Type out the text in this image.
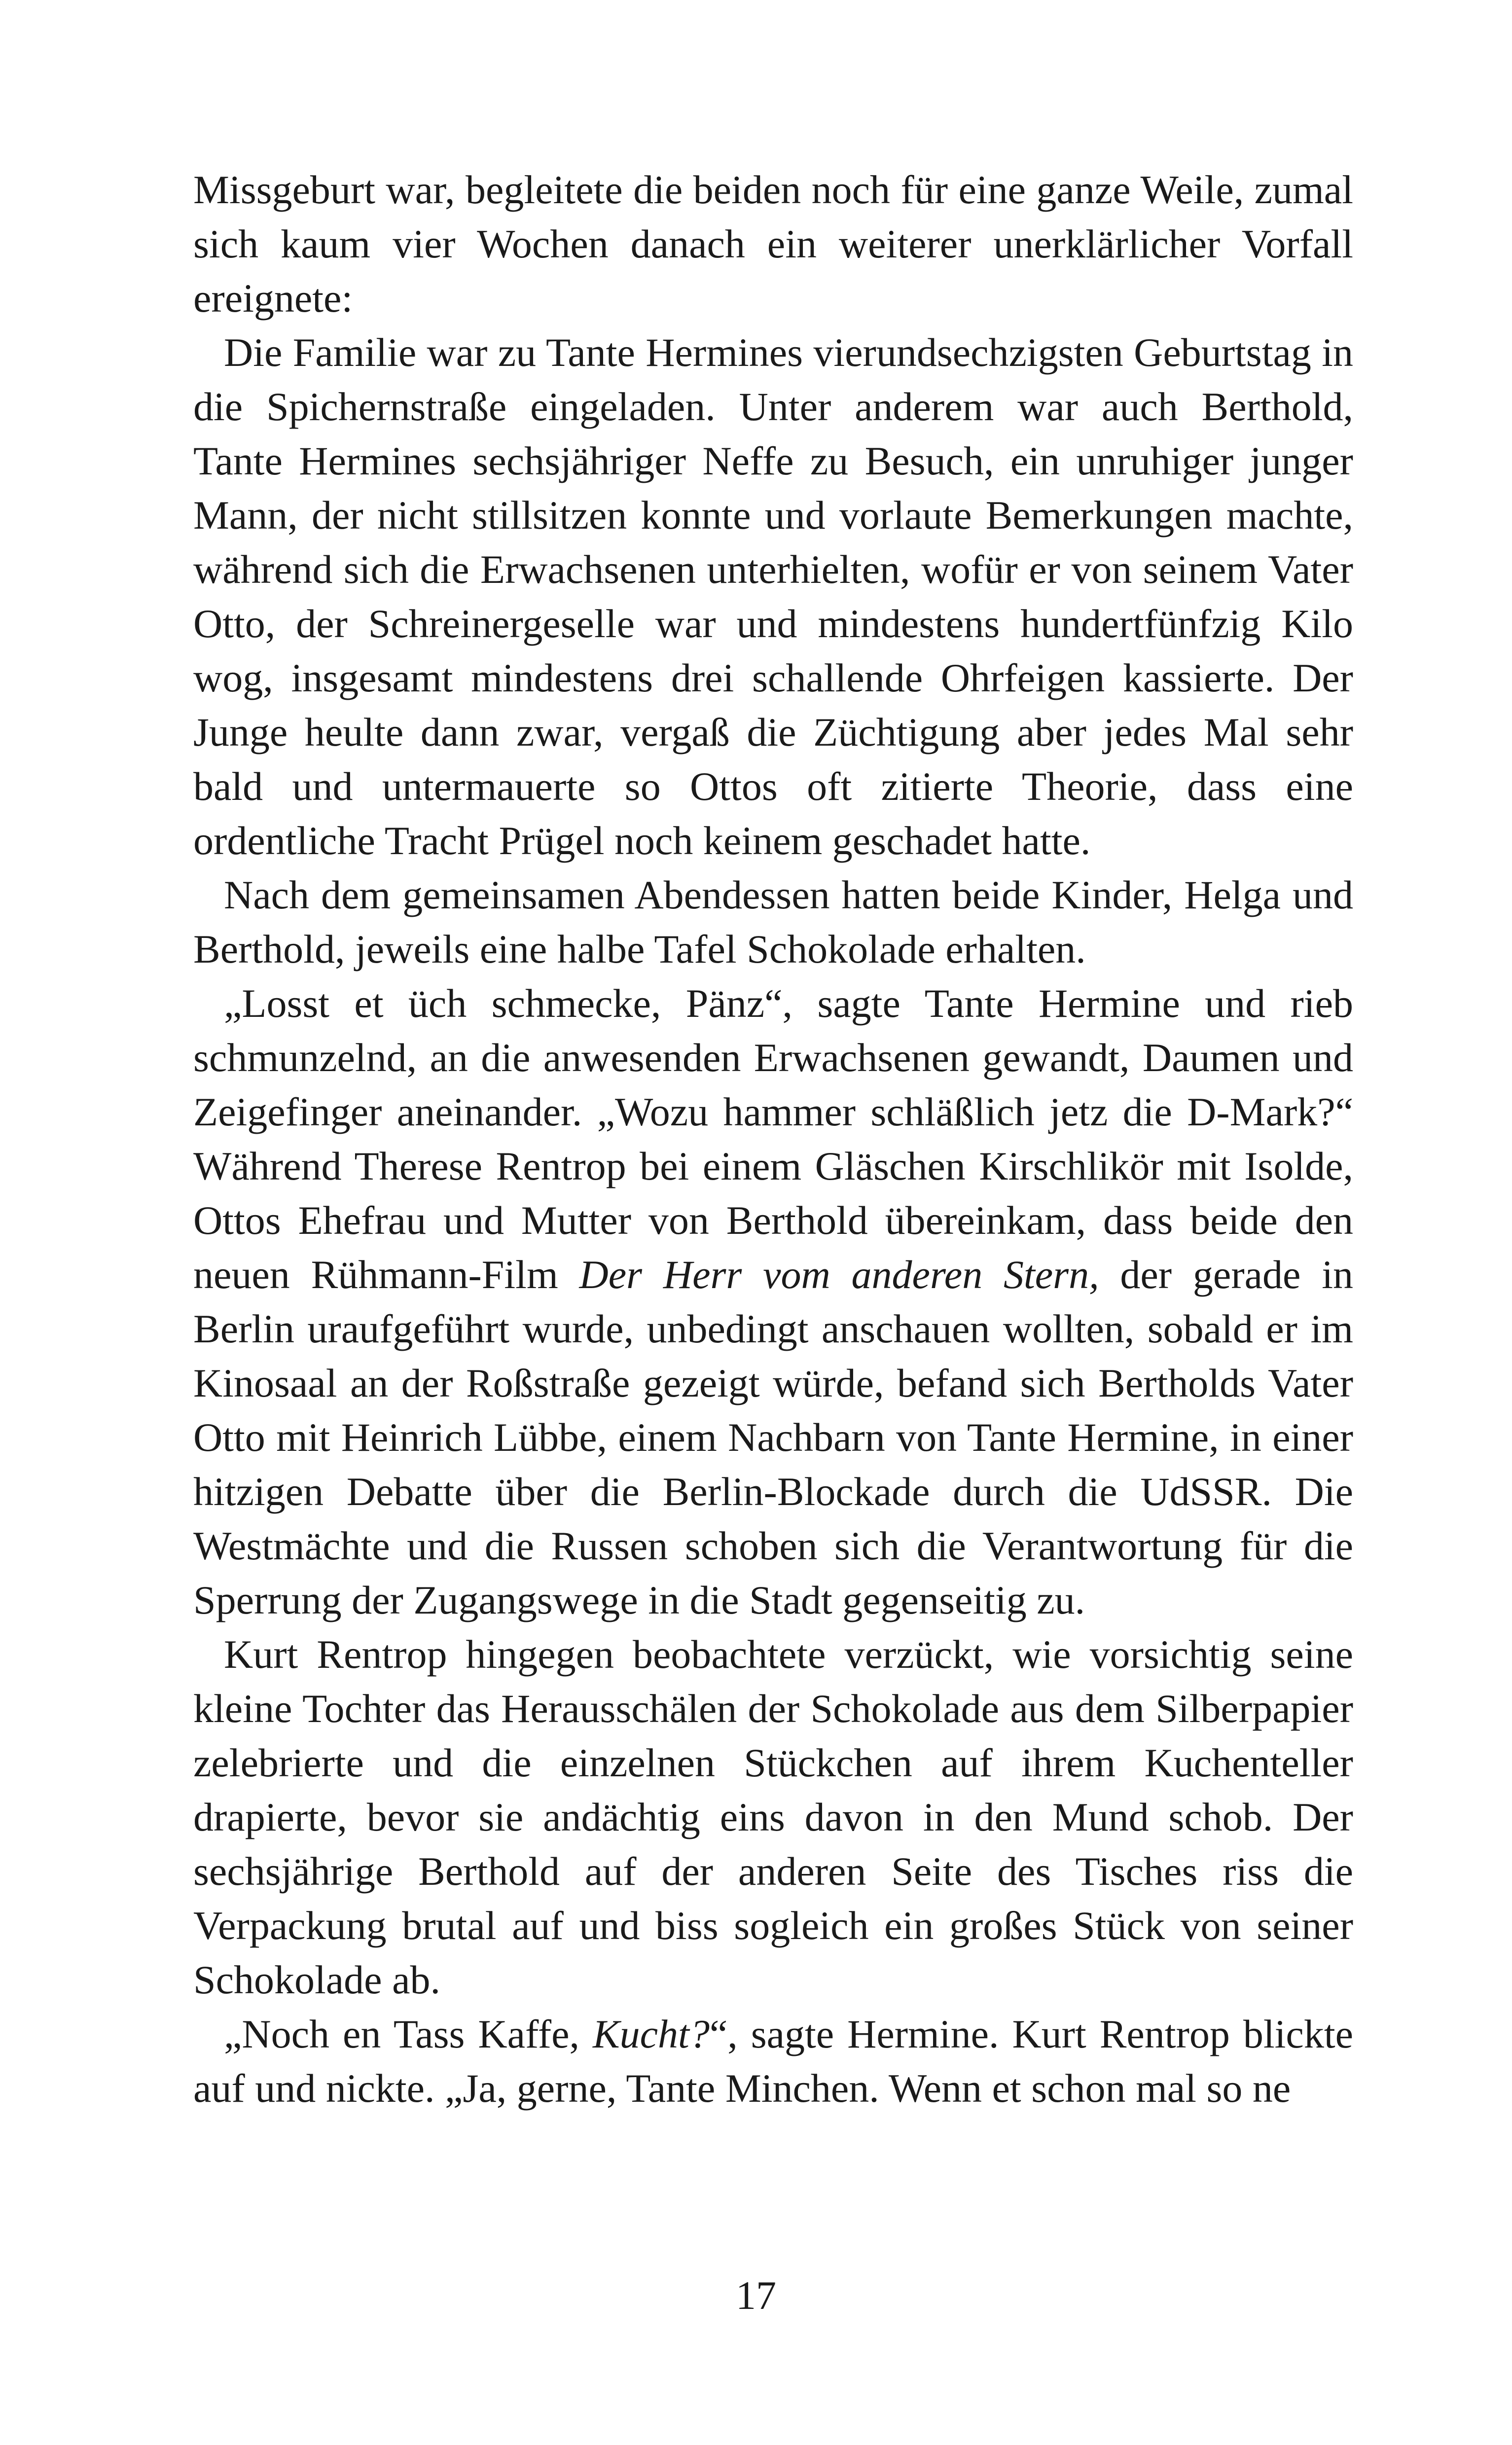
Missgeburt war, begleitete die beiden noch für eine ganze Weile, zumal sich kaum vier Wochen danach ein weiterer unerklärlicher Vorfall ereignete:

Die Familie war zu Tante Hermines vierundsechzigsten Geburtstag in die Spichernstraße eingeladen. Unter anderem war auch Berthold, Tante Hermines sechsjähriger Neffe zu Besuch, ein unruhiger junger Mann, der nicht stillsitzen konnte und vorlaute Bemerkungen machte, während sich die Erwachsenen unterhielten, wofür er von seinem Vater Otto, der Schreinergeselle war und mindestens hundertfünfzig Kilo wog, insgesamt mindestens drei schallende Ohrfeigen kassierte. Der Junge heulte dann zwar, vergaß die Züchtigung aber jedes Mal sehr bald und untermauerte so Ottos oft zitierte Theorie, dass eine ordentliche Tracht Prügel noch keinem geschadet hatte.

Nach dem gemeinsamen Abendessen hatten beide Kinder, Helga und Berthold, jeweils eine halbe Tafel Schokolade erhalten.

„Losst et üch schmecke, Pänz“, sagte Tante Hermine und rieb schmunzelnd, an die anwesenden Erwachsenen gewandt, Daumen und Zeigefinger aneinander. „Wozu hammer schläßlich jetz die D-Mark?“ Während Therese Rentrop bei einem Gläschen Kirschlikör mit Isolde, Ottos Ehefrau und Mutter von Berthold übereinkam, dass beide den neuen Rühmann-Film Der Herr vom anderen Stern, der gerade in Berlin uraufgeführt wurde, unbedingt anschauen wollten, sobald er im Kinosaal an der Roßstraße gezeigt würde, befand sich Bertholds Vater Otto mit Heinrich Lübbe, einem Nachbarn von Tante Hermine, in einer hitzigen Debatte über die Berlin-Blockade durch die UdSSR. Die Westmächte und die Russen schoben sich die Verantwortung für die Sperrung der Zugangswege in die Stadt gegenseitig zu.

Kurt Rentrop hingegen beobachtete verzückt, wie vorsichtig seine kleine Tochter das Herausschälen der Schokolade aus dem Silberpapier zelebrierte und die einzelnen Stückchen auf ihrem Kuchenteller drapierte, bevor sie andächtig eins davon in den Mund schob. Der sechsjährige Berthold auf der anderen Seite des Tisches riss die Verpackung brutal auf und biss sogleich ein großes Stück von seiner Schokolade ab.

„Noch en Tass Kaffe, Kucht?“, sagte Hermine. Kurt Rentrop blickte auf und nickte. „Ja, gerne, Tante Minchen. Wenn et schon mal so ne

17
